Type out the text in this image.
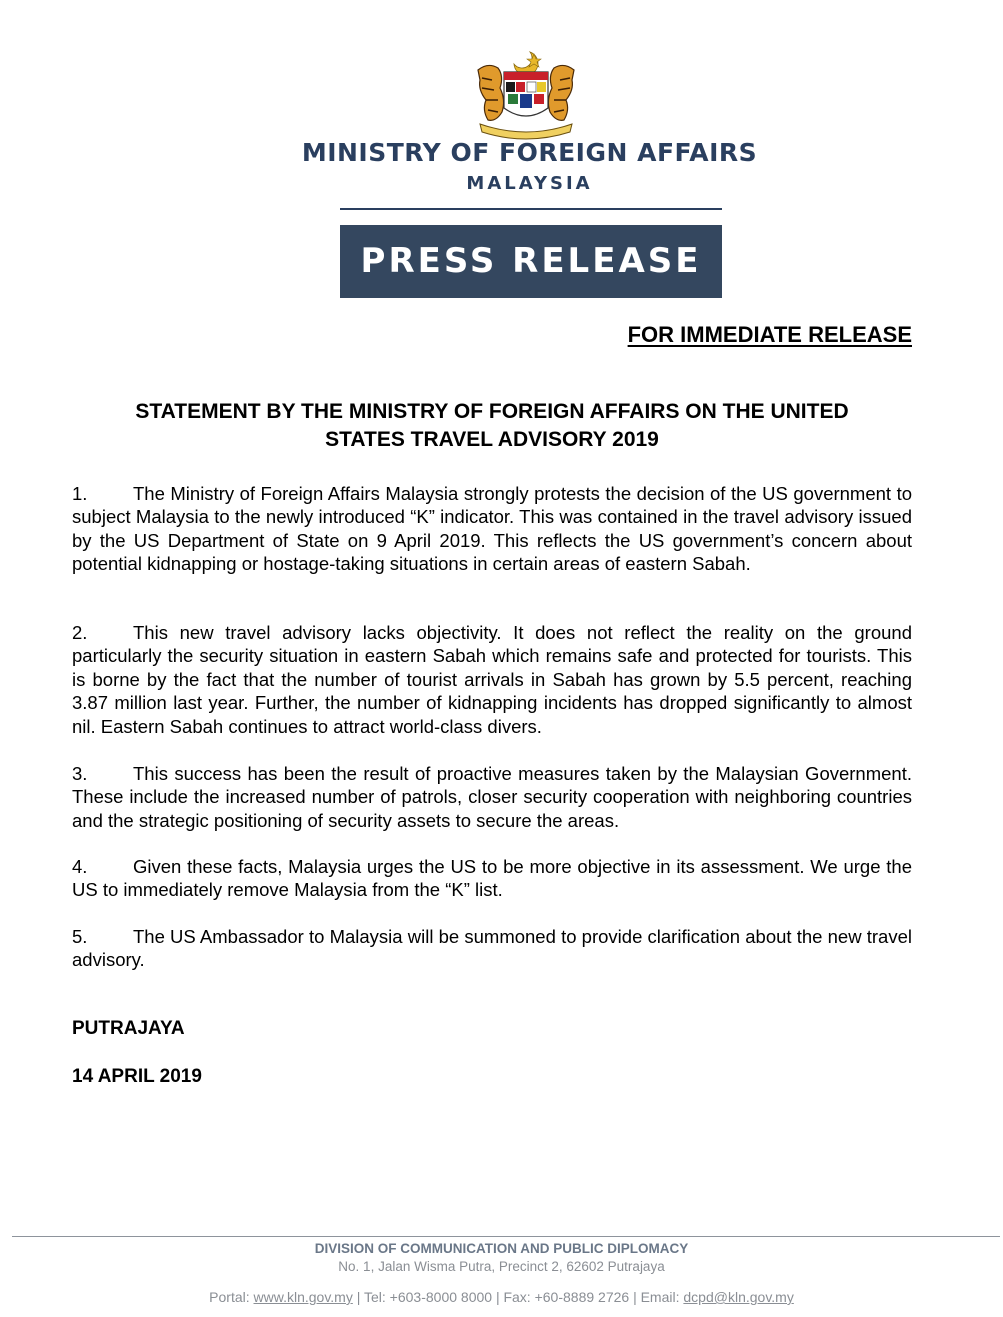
MINISTRY OF FOREIGN AFFAIRS
MALAYSIA
PRESS RELEASE
FOR IMMEDIATE RELEASE
STATEMENT BY THE MINISTRY OF FOREIGN AFFAIRS ON THE UNITED
STATES TRAVEL ADVISORY 2019

1. The Ministry of Foreign Affairs Malaysia strongly protests the decision of the US government to subject Malaysia to the newly introduced “K” indicator. This was contained in the travel advisory issued by the US Department of State on 9 April 2019. This reflects the US government’s concern about potential kidnapping or hostage-taking situations in certain areas of eastern Sabah.

2. This new travel advisory lacks objectivity. It does not reflect the reality on the ground particularly the security situation in eastern Sabah which remains safe and protected for tourists. This is borne by the fact that the number of tourist arrivals in Sabah has grown by 5.5 percent, reaching 3.87 million last year. Further, the number of kidnapping incidents has dropped significantly to almost nil. Eastern Sabah continues to attract world-class divers.

3. This success has been the result of proactive measures taken by the Malaysian Government. These include the increased number of patrols, closer security cooperation with neighboring countries and the strategic positioning of security assets to secure the areas.

4. Given these facts, Malaysia urges the US to be more objective in its assessment. We urge the US to immediately remove Malaysia from the “K” list.

5. The US Ambassador to Malaysia will be summoned to provide clarification about the new travel advisory.

PUTRAJAYA
14 APRIL 2019
DIVISION OF COMMUNICATION AND PUBLIC DIPLOMACY
No. 1, Jalan Wisma Putra, Precinct 2, 62602 Putrajaya
Portal: www.kln.gov.my | Tel: +603-8000 8000 | Fax: +60-8889 2726 | Email: dcpd@kln.gov.my
